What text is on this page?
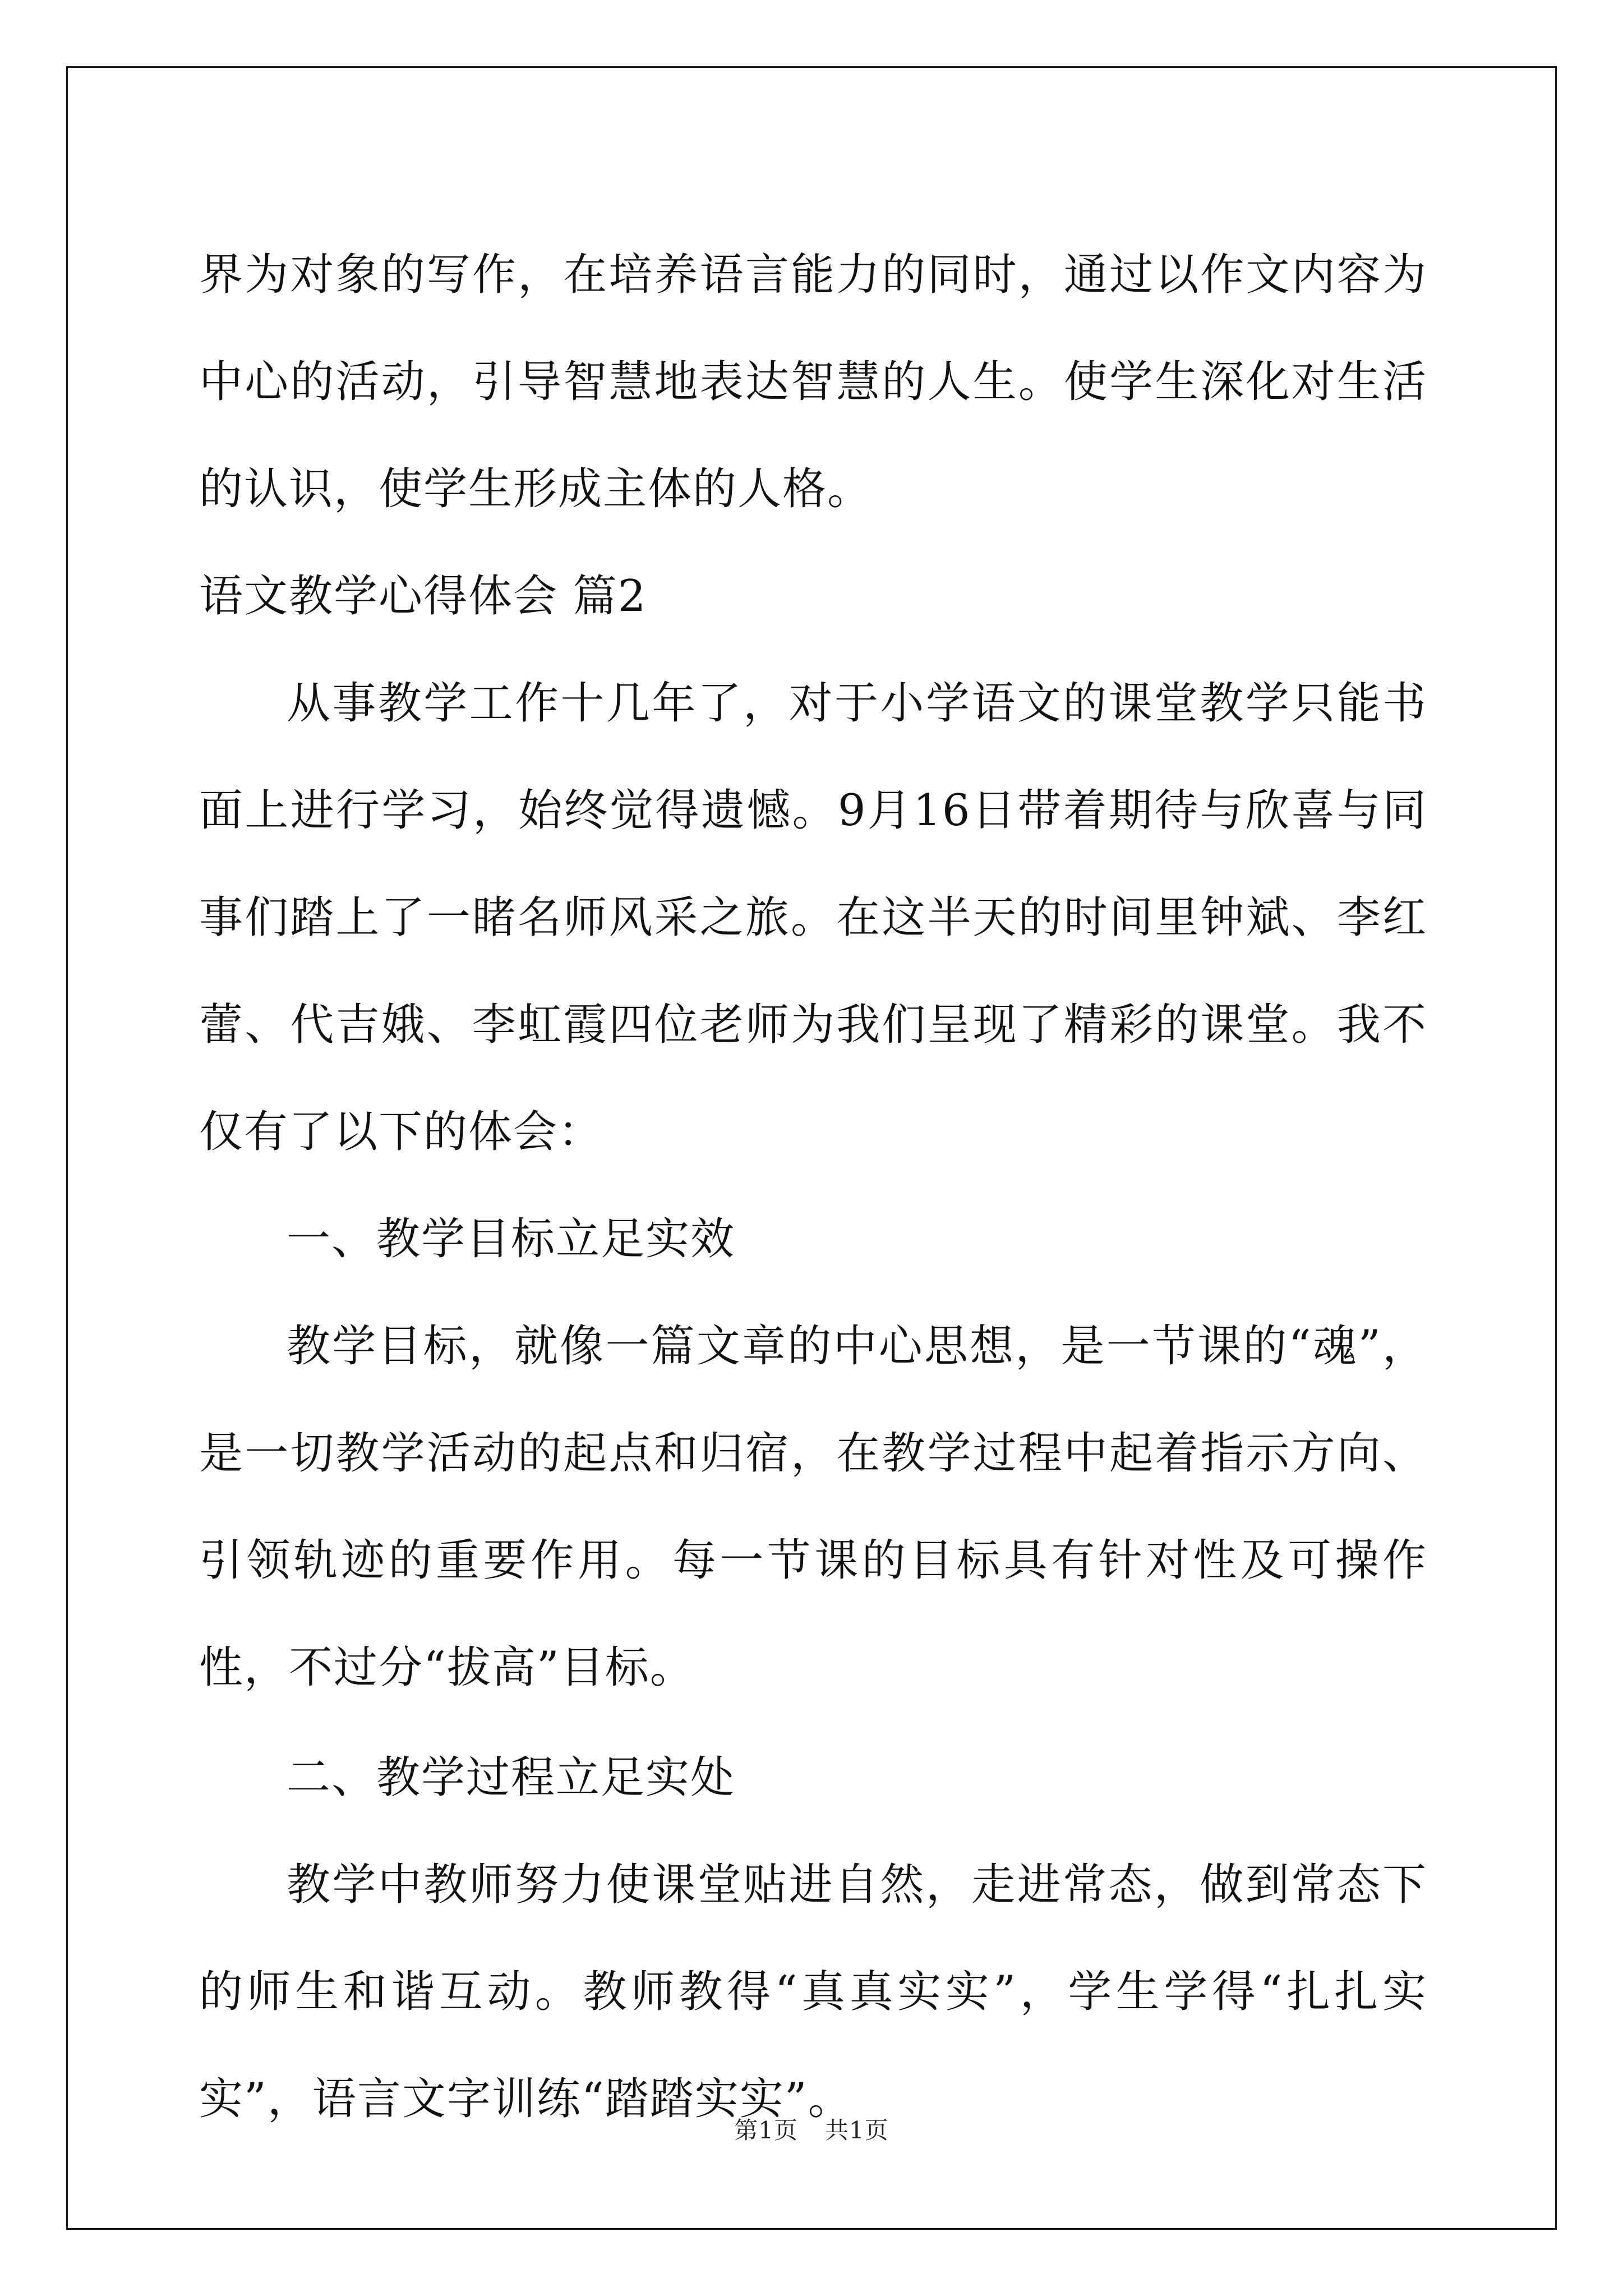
界为对象的写作，在培养语言能力的同时，通过以作文内容为中心的活动，引导智慧地表达智慧的人生。使学生深化对生活的认识，使学生形成主体的人格。

语文教学心得体会 篇2

从事教学工作十几年了，对于小学语文的课堂教学只能书面上进行学习，始终觉得遗憾。9月16日带着期待与欣喜与同事们踏上了一睹名师风采之旅。在这半天的时间里钟斌、李红蕾、代吉娥、李虹霞四位老师为我们呈现了精彩的课堂。我不仅有了以下的体会：

一、教学目标立足实效

教学目标，就像一篇文章的中心思想，是一节课的“魂”，是一切教学活动的起点和归宿，在教学过程中起着指示方向、引领轨迹的重要作用。每一节课的目标具有针对性及可操作性，不过分“拔高”目标。

二、教学过程立足实处

教学中教师努力使课堂贴进自然，走进常态，做到常态下的师生和谐互动。教师教得“真真实实”，学生学得“扎扎实实”，语言文字训练“踏踏实实”。

第1页 共1页
